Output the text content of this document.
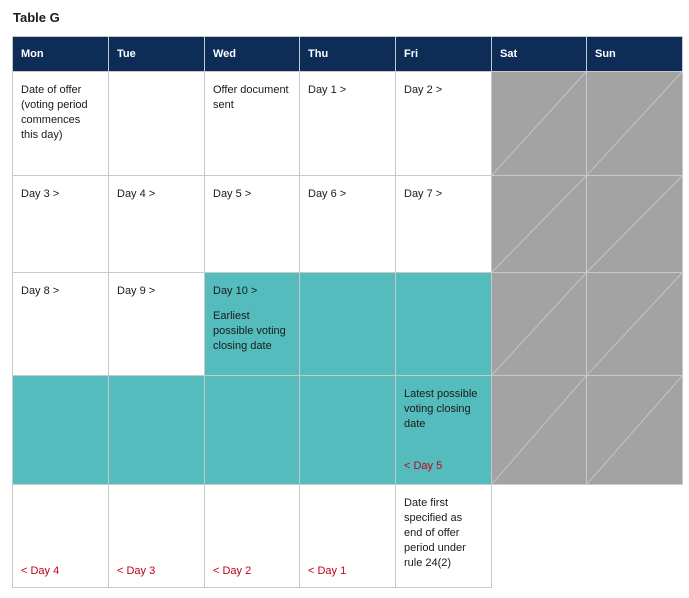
Table G
Mon	Tue	Wed	Thu	Fri	Sat	Sun

Date of offer (voting period commences this day)		Offer document sent	Day 1 >	Day 2 >

Day 3 >	Day 4 >	Day 5 >	Day 6 >	Day 7 >

Day 8 >	Day 9 >	Day 10 >
Earliest possible voting closing date

				Latest possible voting closing date
< Day 5

< Day 4	< Day 3	< Day 2	< Day 1	Date first specified as end of offer period under rule 24(2)		
